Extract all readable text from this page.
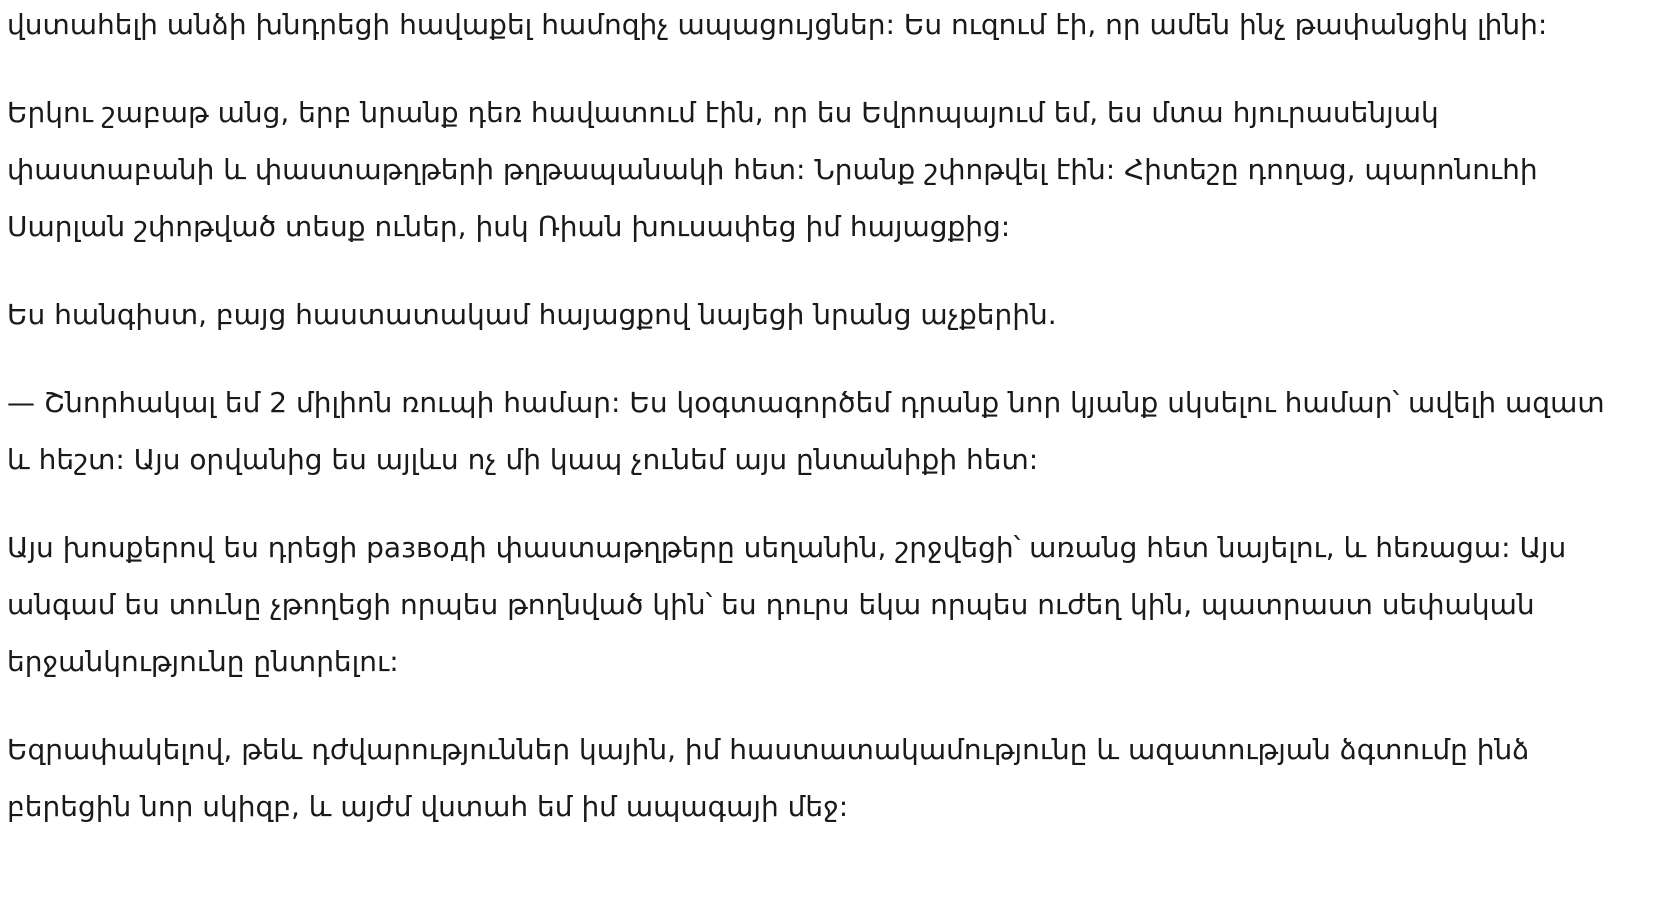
վստահելի անձի խնդրեցի հավաքել համոզիչ ապացույցներ: Ես ուզում էի, որ ամեն ինչ թափանցիկ լինի:

Երկու շաբաթ անց, երբ նրանք դեռ հավատում էին, որ ես Եվրոպայում եմ, ես մտա հյուրասենյակ փաստաբանի և փաստաթղթերի թղթապանակի հետ: Նրանք շփոթվել էին: Հիտեշը դողաց, պարոնուհի Սարլան շփոթված տեսք ուներ, իսկ Ռիան խուսափեց իմ հայացքից:

Ես հանգիստ, բայց հաստատակամ հայացքով նայեցի նրանց աչքերին.

— Շնորհակալ եմ 2 միլիոն ռուպի համար: Ես կօգտագործեմ դրանք նոր կյանք սկսելու համար՝ ավելի ազատ և հեշտ: Այս օրվանից ես այլևս ոչ մի կապ չունեմ այս ընտանիքի հետ:

Այս խոսքերով ես դրեցի разводի փաստաթղթերը սեղանին, շրջվեցի՝ առանց հետ նայելու, և հեռացա: Այս անգամ ես տունը չթողեցի որպես թողնված կին՝ ես դուրս եկա որպես ուժեղ կին, պատրաստ սեփական երջանկությունը ընտրելու:

Եզրափակելով, թեև դժվարություններ կային, իմ հաստատակամությունը և ազատության ձգտումը ինձ բերեցին նոր սկիզբ, և այժմ վստահ եմ իմ ապագայի մեջ:
